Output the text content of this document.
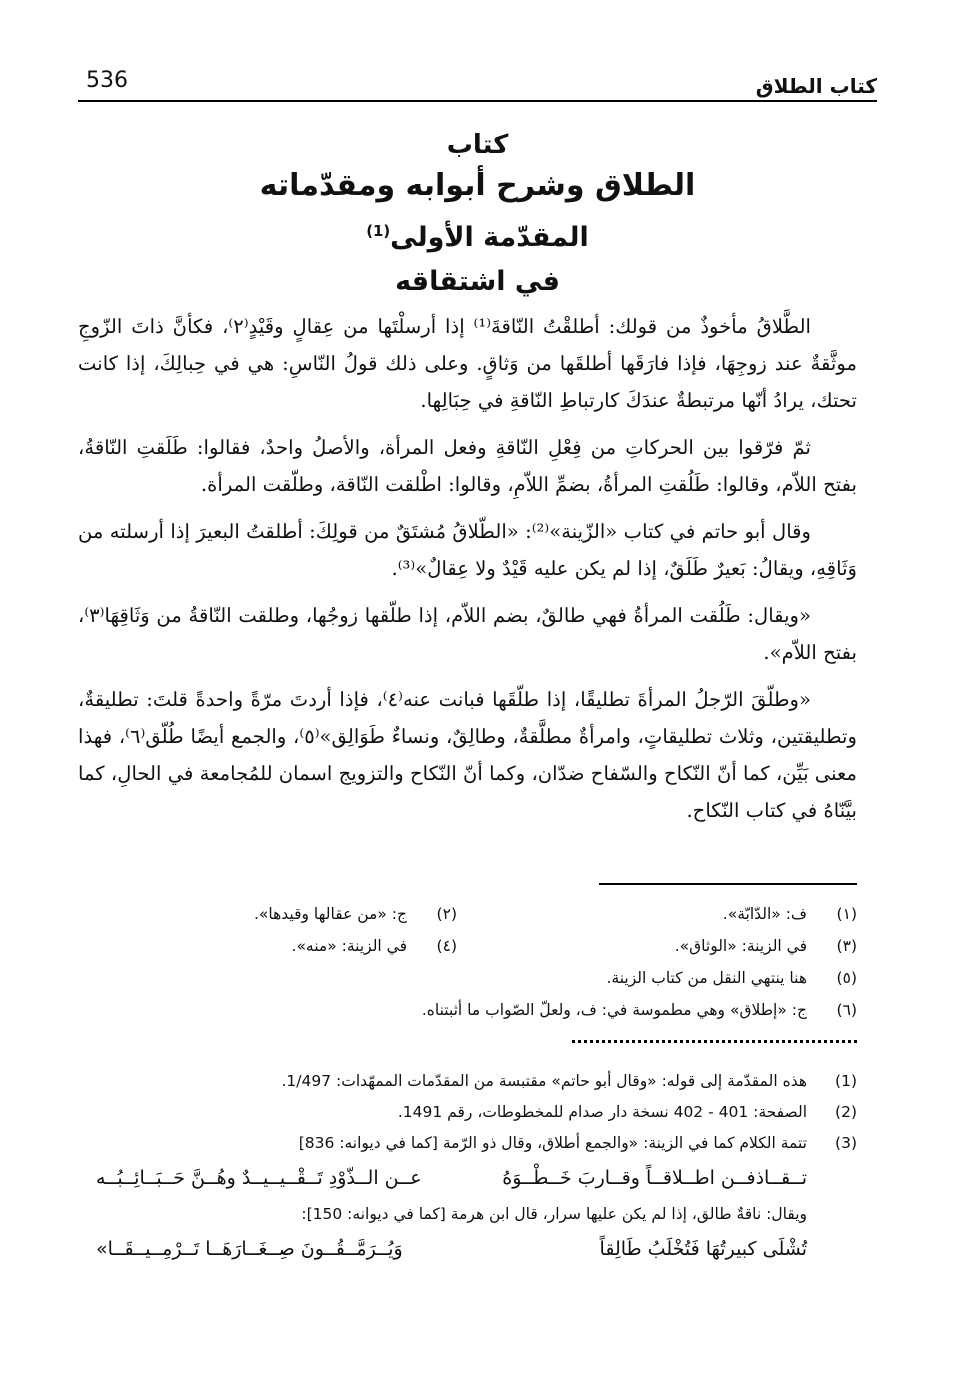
536	كتاب الطلاق
كتاب
الطلاق وشرح أبوابه ومقدّماته
المقدّمة الأولى$^{(1)}$
في اشتقاقه

الطَّلاقُ مأخوذٌ من قولك: أطلقْتُ النّاقةَ⁽¹⁾ إذا أرسلْتَها من عِقالٍ وقَيْدٍ⁽٢⁾، فكأنَّ ذاتَ الزّوجِ موثَّقةٌ عند زوجِهَا، فإذا فارَقَها أطلقَها من وَثاقٍ. وعلى ذلك قولُ النّاسِ: هي في حِبالِكَ، إذا كانت تحتك، يرادُ أنّها مرتبطةٌ عندَكَ كارتباطِ النّاقةِ في حِبَالِها.

ثمّ فرّقوا بين الحركاتِ من فِعْلِ النّاقةِ وفعل المرأة، والأصلُ واحدٌ، فقالوا: طَلَقتِ النّاقةُ، بفتح اللاّم، وقالوا: طَلُقتِ المرأةُ، بضمِّ اللاّمِ، وقالوا: اطْلقت النّاقة، وطلّقت المرأة.

وقال أبو حاتم في كتاب «الزّينة»⁽²⁾: «الطّلاقُ مُشتَقٌ من قولِكَ: أطلقتُ البعيرَ إذا أرسلته من وَثَاقِهِ، ويقالُ: بَعيرٌ طَلَقٌ، إذا لم يكن عليه قَيْدٌ ولا عِقالٌ»⁽³⁾.

«ويقال: طَلُقت المرأةُ فهي طالقٌ، بضم اللاّم، إذا طلّقها زوجُها، وطلقت النّاقةُ من وَثَاقِهَا⁽٣⁾، بفتح اللاّم».

«وطلّقَ الرّجلُ المرأةَ تطليقًا، إذا طلّقَها فبانت عنه⁽٤⁾، فإذا أردتَ مرّةً واحدةً قلتَ: تطليقةٌ، وتطليقتين، وثلاث تطليقاتٍ، وامرأةٌ مطلَّقةٌ، وطالِقٌ، ونساءٌ طَوَالِق»⁽٥⁾، والجمع أيضًا طُلّق⁽٦⁾، فهذا معنى بَيِّن، كما أنّ النّكاح والسّفاح ضدّان، وكما أنّ النّكاح والتزويج اسمان للمُجامعة في الحالِ، كما بيَّنّاهُ في كتاب النّكاح.

(١)
ف: «الدّابّة».
(٢)
ج: «من عقالها وقيدها».
(٣)
في الزينة: «الوثاق».
(٤)
في الزينة: «منه».
(٥)
هنا ينتهي النقل من كتاب الزينة.
(٦)
ج: «إطلاق» وهي مطموسة في: ف، ولعلّ الصّواب ما أثبتناه.
(1)
هذه المقدّمة إلى قوله: «وقال أبو حاتم» مقتبسة من المقدّمات الممهّدات: 1/497.
(2)
الصفحة: 401 - 402 نسخة دار صدام للمخطوطات، رقم 1491.
(3)
تتمة الكلام كما في الزينة: «والجمع أطلاق، وقال ذو الرّمة [كما في ديوانه: 836]
تــقــاذفــن اطــلاقــاً وقــاربَ خَــطْــوَهُ
عــن الــذّوْدِ تَــقْــيــيــدٌ وهُــنَّ حَــبَــائِــبُــه
ويقال: ناقةٌ طالق، إذا لم يكن عليها سرار، قال ابن هرمة [كما في ديوانه: 150]:
تُشْلَى كبيرتُهَا فَتُخْلَبُ طَالِقاً
وَيُــرَمَّــقُــونَ صِــغَــارَهَــا تَــرْمِــيــقَــا»
